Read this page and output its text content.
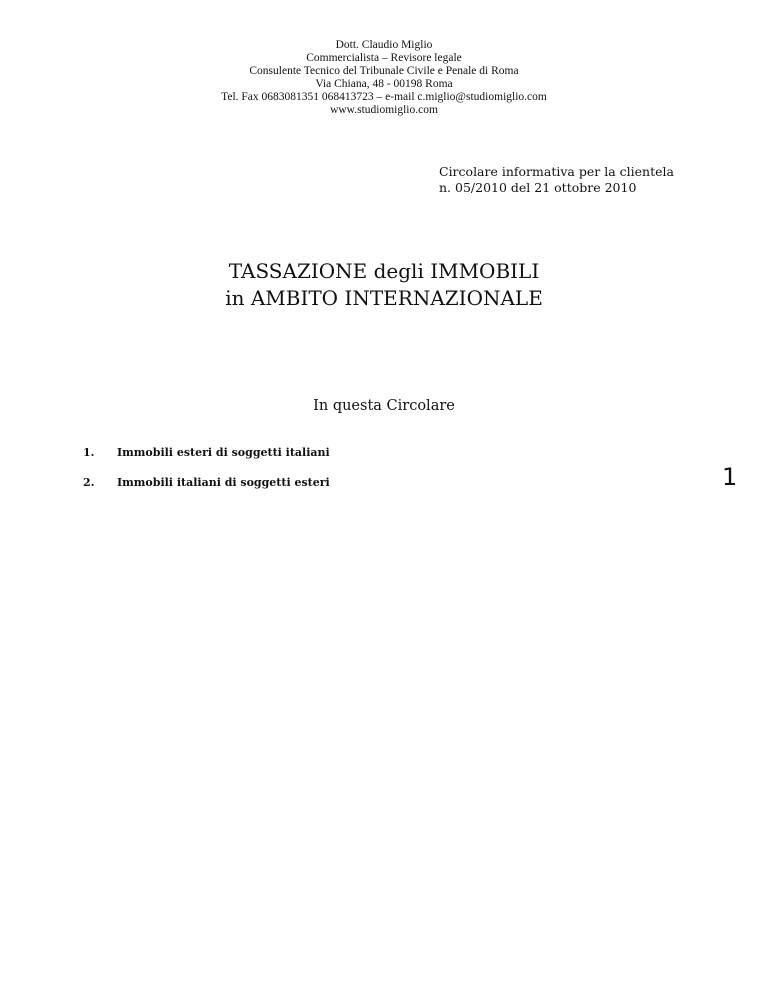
Dott. Claudio Miglio
Commercialista – Revisore legale
Consulente Tecnico del Tribunale Civile e Penale di Roma
Via Chiana, 48 - 00198 Roma
Tel. Fax 0683081351 068413723 – e-mail c.miglio@studiomiglio.com
www.studiomiglio.com
Circolare informativa per la clientela
n. 05/2010 del 21 ottobre 2010
TASSAZIONE degli IMMOBILI
in AMBITO INTERNAZIONALE
In questa Circolare
1. Immobili esteri di soggetti italiani
2. Immobili italiani di soggetti esteri	1
